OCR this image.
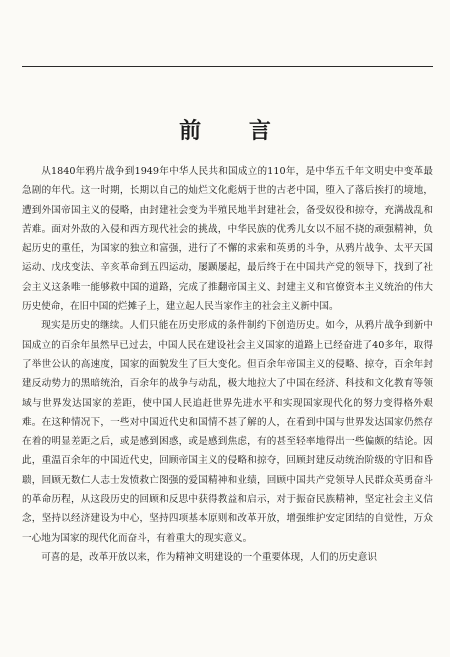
前 言

从1840年鸦片战争到1949年中华人民共和国成立的110年，是中华五千年文明史中变革最急剧的年代。这一时期，长期以自己的灿烂文化彪炳于世的古老中国，堕入了落后挨打的境地，遭到外国帝国主义的侵略，由封建社会变为半殖民地半封建社会，备受奴役和掠夺，充满战乱和苦难。面对外敌的入侵和西方现代社会的挑战，中华民族的优秀儿女以不屈不挠的顽强精神，负起历史的重任，为国家的独立和富强，进行了不懈的求索和英勇的斗争，从鸦片战争、太平天国运动、戊戌变法、辛亥革命到五四运动，屡踬屡起，最后终于在中国共产党的领导下，找到了社会主义这条唯一能够救中国的道路，完成了推翻帝国主义、封建主义和官僚资本主义统治的伟大历史使命，在旧中国的烂摊子上，建立起人民当家作主的社会主义新中国。

现实是历史的继续。人们只能在历史形成的条件制约下创造历史。如今，从鸦片战争到新中国成立的百余年虽然早已过去，中国人民在建设社会主义国家的道路上已经奋进了40多年，取得了举世公认的高速度，国家的面貌发生了巨大变化。但百余年帝国主义的侵略、掠夺，百余年封建反动势力的黑暗统治，百余年的战争与动乱，极大地拉大了中国在经济、科技和文化教育等领域与世界发达国家的差距，使中国人民追赶世界先进水平和实现国家现代化的努力变得格外艰难。在这种情况下，一些对中国近代史和国情不甚了解的人，在看到中国与世界发达国家仍然存在着的明显差距之后，或是感到困惑，或是感到焦虑，有的甚至轻率地得出一些偏颇的结论。因此，重温百余年的中国近代史，回顾帝国主义的侵略和掠夺，回顾封建反动统治阶级的守旧和昏聩，回顾无数仁人志士发愤救亡图强的爱国精神和业绩，回顾中国共产党领导人民群众英勇奋斗的革命历程，从这段历史的回顾和反思中获得教益和启示，对于振奋民族精神，坚定社会主义信念，坚持以经济建设为中心，坚持四项基本原则和改革开放，增强维护安定团结的自觉性，万众一心地为国家的现代化而奋斗，有着重大的现实意义。

可喜的是，改革开放以来，作为精神文明建设的一个重要体现，人们的历史意识
